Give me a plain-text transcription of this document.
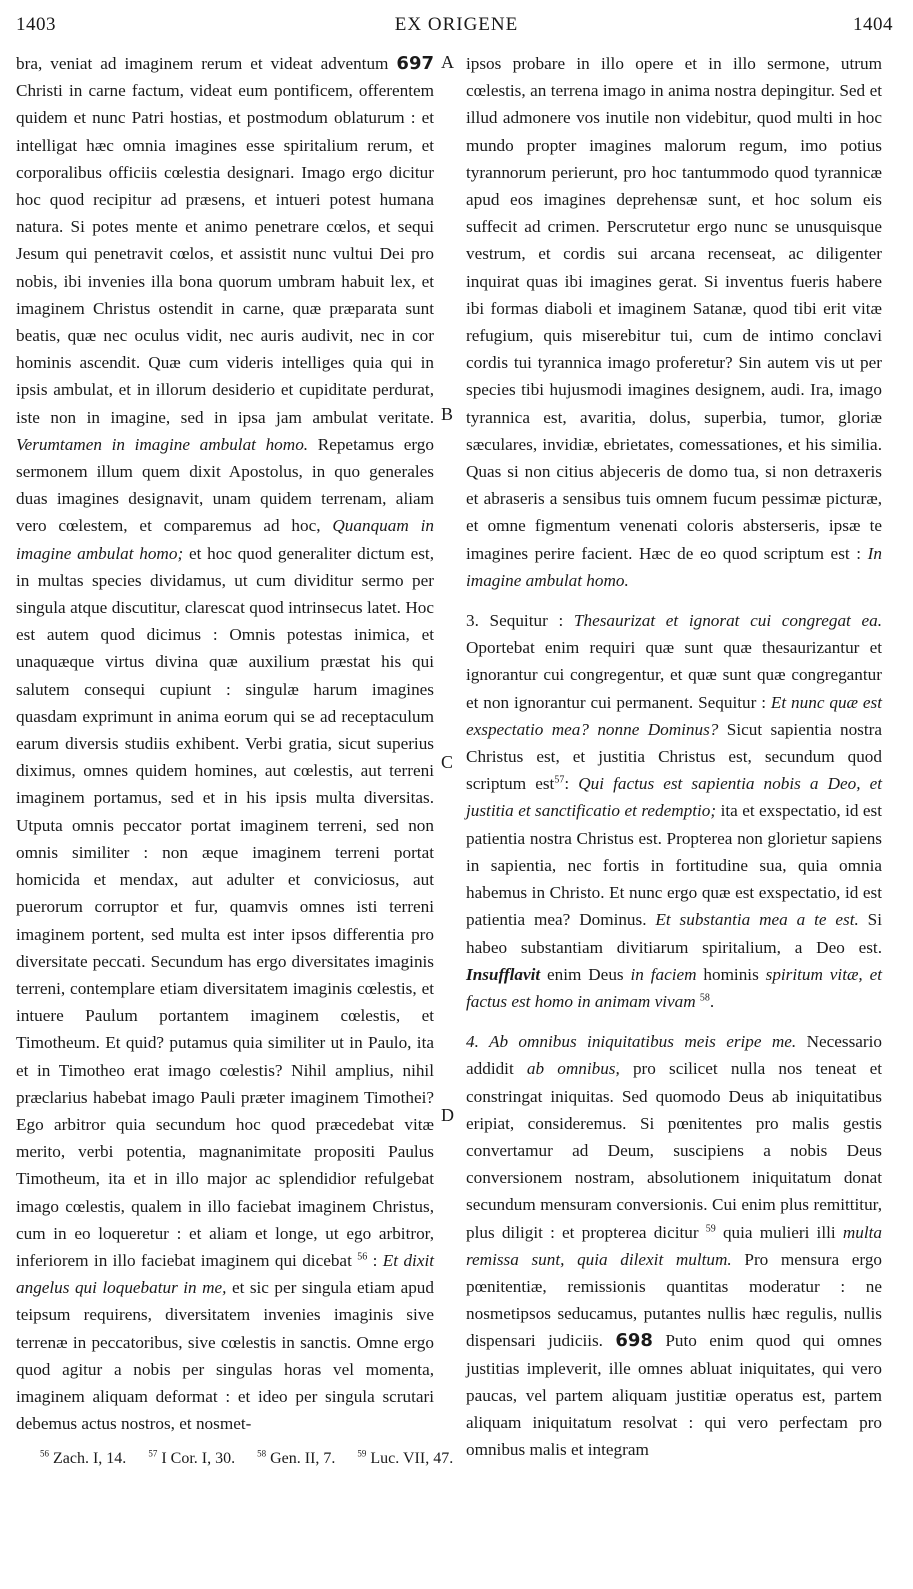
EX ORIGENE
1403	1404
A
B
C
D

bra, veniat ad imaginem rerum et videat adventum 697 Christi in carne factum, videat eum pontificem, offerentem quidem et nunc Patri hostias, et postmodum oblaturum : et intelligat hæc omnia imagines esse spiritalium rerum, et corporalibus officiis cœlestia designari. Imago ergo dicitur hoc quod recipitur ad præsens, et intueri potest humana natura. Si potes mente et animo penetrare cœlos, et sequi Jesum qui penetravit cœlos, et assistit nunc vultui Dei pro nobis, ibi invenies illa bona quorum umbram habuit lex, et imaginem Christus ostendit in carne, quæ præparata sunt beatis, quæ nec oculus vidit, nec auris audivit, nec in cor hominis ascendit. Quæ cum videris intelliges quia qui in ipsis ambulat, et in illorum desiderio et cupiditate perdurat, iste non in imagine, sed in ipsa jam ambulat veritate. Verumtamen in imagine ambulat homo. Repetamus ergo sermonem illum quem dixit Apostolus, in quo generales duas imagines designavit, unam quidem terrenam, aliam vero cœlestem, et comparemus ad hoc, Quanquam in imagine ambulat homo; et hoc quod generaliter dictum est, in multas species dividamus, ut cum dividitur sermo per singula atque discutitur, clarescat quod intrinsecus latet. Hoc est autem quod dicimus : Omnis potestas inimica, et unaquæque virtus divina quæ auxilium præstat his qui salutem consequi cupiunt : singulæ harum imagines quasdam exprimunt in anima eorum qui se ad receptaculum earum diversis studiis exhibent. Verbi gratia, sicut superius diximus, omnes quidem homines, aut cœlestis, aut terreni imaginem portamus, sed et in his ipsis multa diversitas. Utputa omnis peccator portat imaginem terreni, sed non omnis similiter : non æque imaginem terreni portat homicida et mendax, aut adulter et conviciosus, aut puerorum corruptor et fur, quamvis omnes isti terreni imaginem portent, sed multa est inter ipsos differentia pro diversitate peccati. Secundum has ergo diversitates imaginis terreni, contemplare etiam diversitatem imaginis cœlestis, et intuere Paulum portantem imaginem cœlestis, et Timotheum. Et quid? putamus quia similiter ut in Paulo, ita et in Timotheo erat imago cœlestis? Nihil amplius, nihil præclarius habebat imago Pauli præter imaginem Timothei? Ego arbitror quia secundum hoc quod præcedebat vitæ merito, verbi potentia, magnanimitate propositi Paulus Timotheum, ita et in illo major ac splendidior refulgebat imago cœlestis, qualem in illo faciebat imaginem Christus, cum in eo loqueretur : et aliam et longe, ut ego arbitror, inferiorem in illo faciebat imaginem qui dicebat $^{56}$ : Et dixit angelus qui loquebatur in me, et sic per singula etiam apud teipsum requirens, diversitatem invenies imaginis sive terrenæ in peccatoribus, sive cœlestis in sanctis. Omne ergo quod agitur a nobis per singulas horas vel momenta, imaginem aliquam deformat : et ideo per singula scrutari debemus actus nostros, et nosmet-

ipsos probare in illo opere et in illo sermone, utrum cœlestis, an terrena imago in anima nostra depingitur. Sed et illud admonere vos inutile non videbitur, quod multi in hoc mundo propter imagines malorum regum, imo potius tyrannorum perierunt, pro hoc tantummodo quod tyrannicæ apud eos imagines deprehensæ sunt, et hoc solum eis suffecit ad crimen. Perscrutetur ergo nunc se unusquisque vestrum, et cordis sui arcana recenseat, ac diligenter inquirat quas ibi imagines gerat. Si inventus fueris habere ibi formas diaboli et imaginem Satanæ, quod tibi erit vitæ refugium, quis miserebitur tui, cum de intimo conclavi cordis tui tyrannica imago proferetur? Sin autem vis ut per species tibi hujusmodi imagines designem, audi. Ira, imago tyrannica est, avaritia, dolus, superbia, tumor, gloriæ sæculares, invidiæ, ebrietates, comessationes, et his similia. Quas si non citius abjeceris de domo tua, si non detraxeris et abraseris a sensibus tuis omnem fucum pessimæ picturæ, et omne figmentum venenati coloris absterseris, ipsæ te imagines perire facient. Hæc de eo quod scriptum est : In imagine ambulat homo.

3. Sequitur : Thesaurizat et ignorat cui congregat ea. Oportebat enim requiri quæ sunt quæ thesaurizantur et ignorantur cui congregentur, et quæ sunt quæ congregantur et non ignorantur cui permanent. Sequitur : Et nunc quæ est exspectatio mea? nonne Dominus? Sicut sapientia nostra Christus est, et justitia Christus est, secundum quod scriptum est$^{57}$: Qui factus est sapientia nobis a Deo, et justitia et sanctificatio et redemptio; ita et exspectatio, id est patientia nostra Christus est. Propterea non glorietur sapiens in sapientia, nec fortis in fortitudine sua, quia omnia habemus in Christo. Et nunc ergo quæ est exspectatio, id est patientia mea? Dominus. Et substantia mea a te est. Si habeo substantiam divitiarum spiritalium, a Deo est. Insufflavit enim Deus in faciem hominis spiritum vitæ, et factus est homo in animam vivam $^{58}$.

4. Ab omnibus iniquitatibus meis eripe me. Necessario addidit ab omnibus, pro scilicet nulla nos teneat et constringat iniquitas. Sed quomodo Deus ab iniquitatibus eripiat, consideremus. Si pœnitentes pro malis gestis convertamur ad Deum, suscipiens a nobis Deus conversionem nostram, absolutionem iniquitatum donat secundum mensuram conversionis. Cui enim plus remittitur, plus diligit : et propterea dicitur $^{59}$ quia mulieri illi multa remissa sunt, quia dilexit multum. Pro mensura ergo pœnitentiæ, remissionis quantitas moderatur : ne nosmetipsos seducamus, putantes nullis hæc regulis, nullis dispensari judiciis. 698 Puto enim quod qui omnes justitias impleverit, ille omnes abluat iniquitates, qui vero paucas, vel partem aliquam justitiæ operatus est, partem aliquam iniquitatum resolvat : qui vero perfectam pro omnibus malis et integram

$^{56}$ Zach. I, 14. $^{57}$ I Cor. I, 30. $^{58}$ Gen. II, 7. $^{59}$ Luc. VII, 47.
